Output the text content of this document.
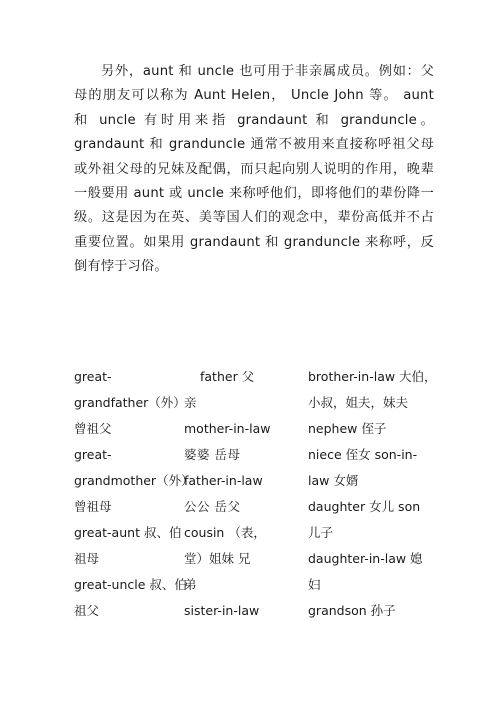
另外，aunt 和 uncle 也可用于非亲属成员。例如：父母的朋友可以称为 Aunt Helen， Uncle John 等。 aunt 和 uncle 有时用来指 grandaunt 和 granduncle。grandaunt 和 granduncle 通常不被用来直接称呼祖父母或外祖父母的兄妹及配偶，而只起向别人说明的作用，晚辈一般要用 aunt 或 uncle 来称呼他们，即将他们的辈份降一级。这是因为在英、美等国人们的观念中，辈份高低并不占重要位置。如果用 grandaunt 和 granduncle 来称呼，反倒有悖于习俗。

great-
grandfather（外）
曾祖父
great-
grandmother（外）
曾祖母
great-aunt 叔、伯
祖母
great-uncle 叔、伯
祖父
father 父
亲
mother-in-law
婆婆 岳母
father-in-law
公公 岳父
cousin （表，
堂）姐妹 兄
弟
sister-in-law
brother-in-law 大伯，
小叔，姐夫，妹夫
nephew 侄子
niece 侄女 son-in-
law 女婿
daughter 女儿 son
儿子
daughter-in-law 媳
妇
grandson 孙子
